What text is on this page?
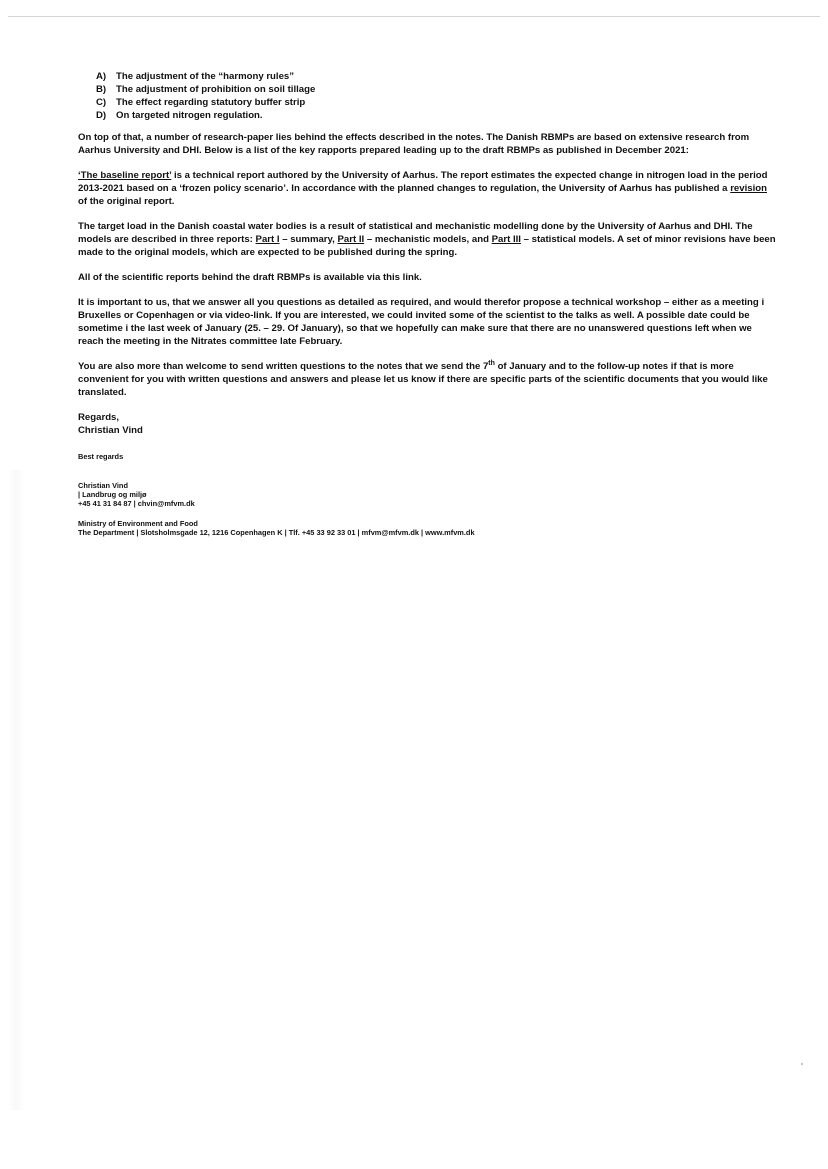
A)	The adjustment of the “harmony rules”
B)	The adjustment of prohibition on soil tillage
C)	The effect regarding statutory buffer strip
D)	On targeted nitrogen regulation.

On top of that, a number of research-paper lies behind the effects described in the notes. The Danish RBMPs are based on extensive research from Aarhus University and DHI. Below is a list of the key rapports prepared leading up to the draft RBMPs as published in December 2021:

‘The baseline report’ is a technical report authored by the University of Aarhus. The report estimates the expected change in nitrogen load in the period 2013-2021 based on a ‘frozen policy scenario’. In accordance with the planned changes to regulation, the University of Aarhus has published a revision of the original report.

The target load in the Danish coastal water bodies is a result of statistical and mechanistic modelling done by the University of Aarhus and DHI. The models are described in three reports: Part I – summary, Part II – mechanistic models, and Part III – statistical models. A set of minor revisions have been made to the original models, which are expected to be published during the spring.

All of the scientific reports behind the draft RBMPs is available via this link.

It is important to us, that we answer all you questions as detailed as required, and would therefor propose a technical workshop – either as a meeting i Bruxelles or Copenhagen or via video-link. If you are interested, we could invited some of the scientist to the talks as well. A possible date could be sometime i the last week of January (25. – 29. Of January), so that we hopefully can make sure that there are no unanswered questions left when we reach the meeting in the Nitrates committee late February.

You are also more than welcome to send written questions to the notes that we send the 7th of January and to the follow-up notes if that is more convenient for you with written questions and answers and please let us know if there are specific parts of the scientific documents that you would like translated.

Regards,

Christian Vind

Best regards
Christian Vind
| Landbrug og miljø
+45 41 31 84 87 | chvin@mfvm.dk
Ministry of Environment and Food
The Department | Slotsholmsgade 12, 1216 Copenhagen K | Tlf. +45 33 92 33 01 | mfvm@mfvm.dk | www.mfvm.dk
